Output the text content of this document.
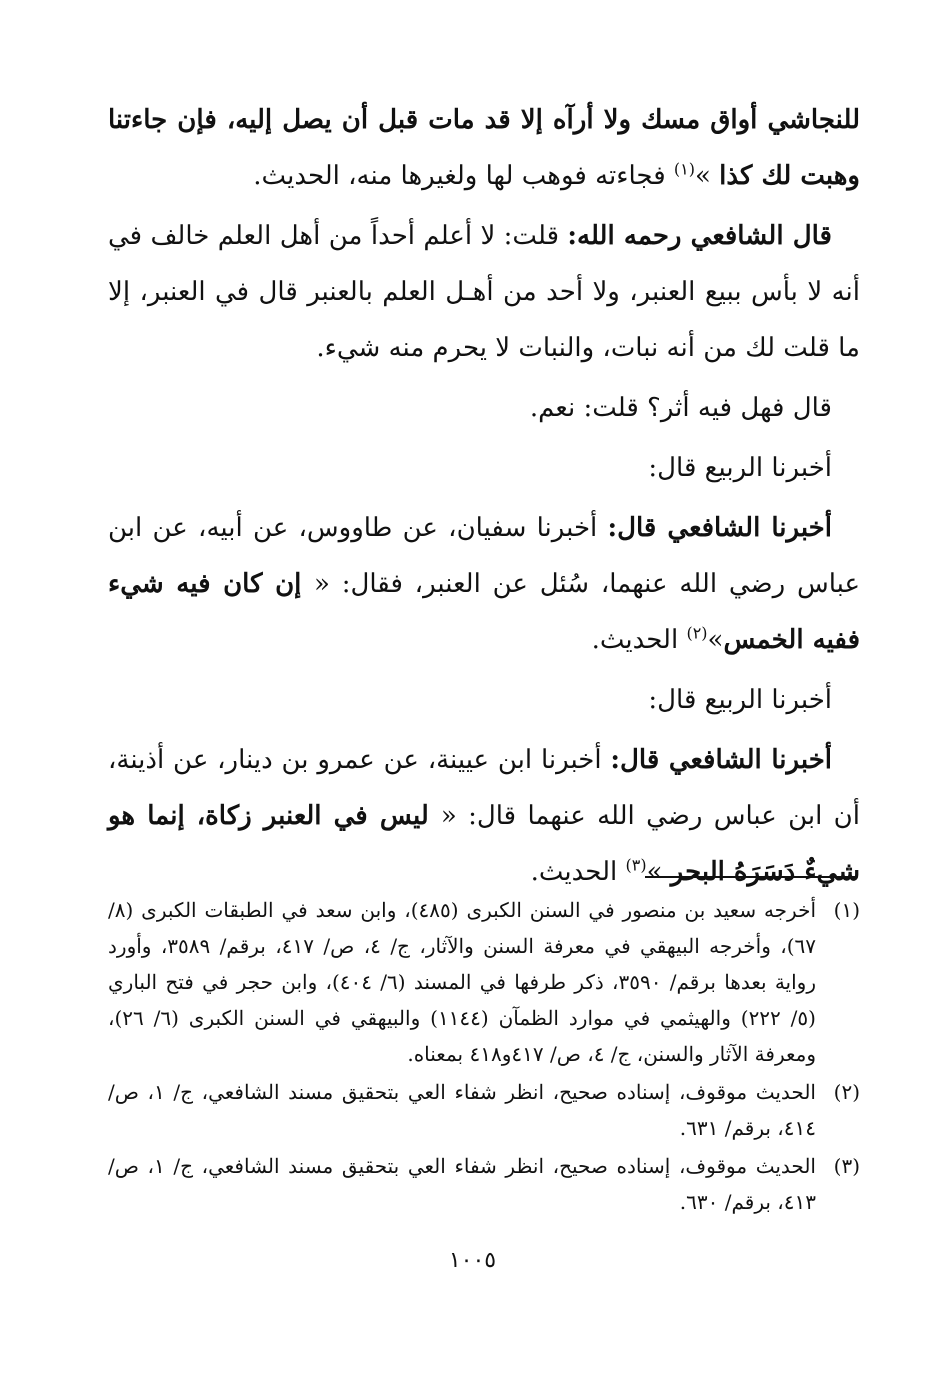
للنجاشي أواق مسك ولا أرآه إلا قد مات قبل أن يصل إليه، فإن جاءتنا وهبت لك كذا »$^{(١)}$ فجاءته فوهب لها ولغيرها منه، الحديث.

قال الشافعي رحمه الله: قلت: لا أعلم أحداً من أهل العلم خالف في أنه لا بأس ببيع العنبر، ولا أحد من أهـل العلم بالعنبر قال في العنبر، إلا ما قلت لك من أنه نبات، والنبات لا يحرم منه شيء.

قال فهل فيه أثر؟ قلت: نعم.

أخبرنا الربيع قال:

أخبرنا الشافعي قال: أخبرنا سفيان، عن طاووس، عن أبيه، عن ابن عباس رضي الله عنهما، سُئل عن العنبر، فقال: « إن كان فيه شيء ففيه الخمس»$^{(٢)}$ الحديث.

أخبرنا الربيع قال:

أخبرنا الشافعي قال: أخبرنا ابن عيينة، عن عمرو بن دينار، عن أذينة، أن ابن عباس رضي الله عنهما قال: « ليس في العنبر زكاة، إنما هو شيءٌ دَسَرَهُ البحر »$^{(٣)}$ الحديث.

(١)
أخرجه سعيد بن منصور في السنن الكبرى (٤٨٥)، وابن سعد في الطبقات الكبرى (٨/ ٦٧)، وأخرجه البيهقي في معرفة السنن والآثار، ج/ ٤، ص/ ٤١٧، برقم/ ٣٥٨٩، وأورد رواية بعدها برقم/ ٣٥٩٠، ذكر طرفها في المسند (٦/ ٤٠٤)، وابن حجر في فتح الباري (٥/ ٢٢٢) والهيثمي في موارد الظمآن (١١٤٤) والبيهقي في السنن الكبرى (٦/ ٢٦)، ومعرفة الآثار والسنن، ج/ ٤، ص/ ٤١٧و٤١٨ بمعناه.
(٢)
الحديث موقوف، إسناده صحيح، انظر شفاء العي بتحقيق مسند الشافعي، ج/ ١، ص/ ٤١٤، برقم/ ٦٣١.
(٣)
الحديث موقوف، إسناده صحيح، انظر شفاء العي بتحقيق مسند الشافعي، ج/ ١، ص/ ٤١٣، برقم/ ٦٣٠.
١٠٠٥
